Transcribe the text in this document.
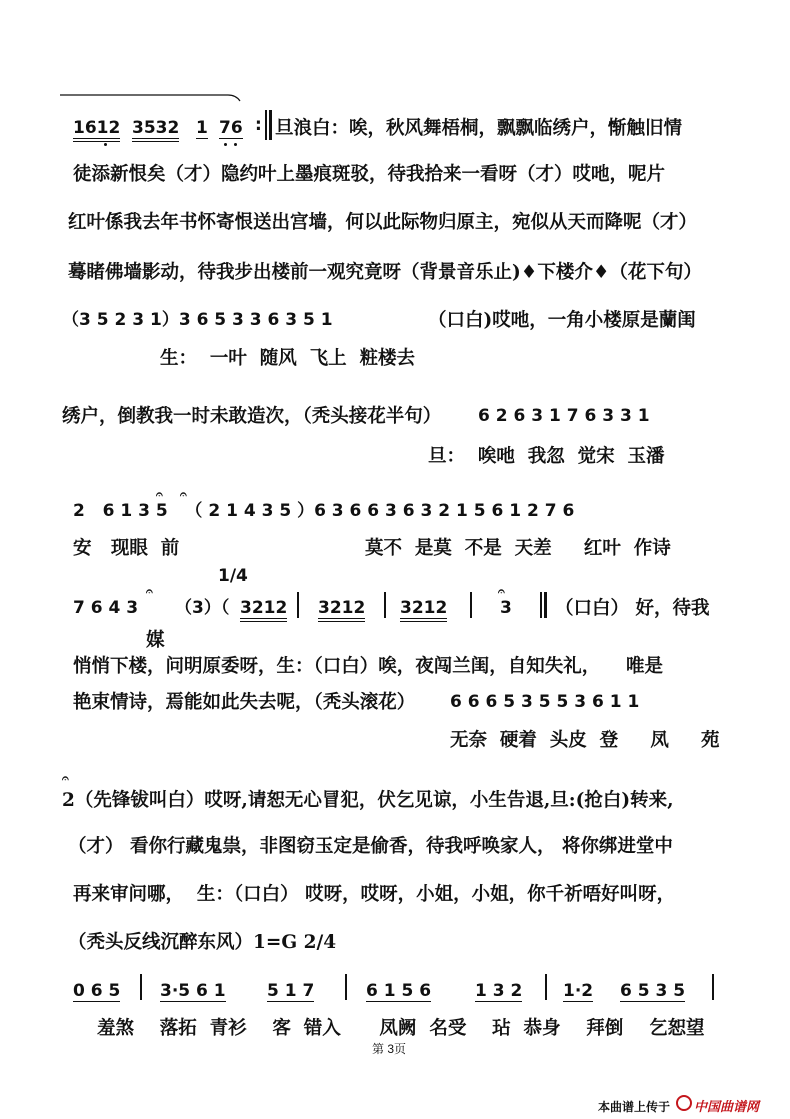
1612 3532 1 76 : 旦浪白：唉，秋风舞梧桐，飘飘临绣户，惭触旧情
徒添新恨矣（才）隐约叶上墨痕斑驳，待我拾来一看呀（才）哎吔，呢片
红叶係我去年书怀寄恨送出宫墙，何以此际物归原主，宛似从天而降呢（才）
蓦睹佛墙影动，待我步出楼前一观究竟呀（背景音乐止)♦下楼介♦（花下句）
（3 5 2 3 1）3 6 5 3 3 6 3 5 1	（口白)哎吔，一角小楼原是蘭闺
生：  一叶  随风  飞上  粧楼去
绣户，倒教我一时未敢造次，（秃头接花半句） 6 2 6 3 1 7 6 3 3 1
旦：  唉吔  我忽  觉宋  玉潘
𝄐 𝄐
2   6 1 3 5   （ 2 1 4 3 5 ）6 3 6 6 3 6 3 2 1 5 6 1 2 7 6
安   现眼  前	莫不  是莫  不是  天差     红叶  作诗
1/4
𝄐
7 6 4 3 （3）（ 3212 3212 3212
𝄐
3 （口白） 好，待我
媒
悄悄下楼，问明原委呀，生：（口白）唉，夜闯兰闺，自知失礼，    唯是
艳束情诗，焉能如此失去呢，（秃头滚花） 6 6 6 5 3 5 5 3 6 1 1
无奈  硬着  头皮  登     凤     苑
𝄐
2（先锋钹叫白）哎呀,请恕无心冒犯，伏乞见谅，小生告退,旦:(抢白)转来,
（才） 看你行藏鬼祟，非图窃玉定是偷香，待我呼唤家人， 将你绑进堂中
再来审问哪，  生：（口白） 哎呀，哎呀，小姐，小姐，你千祈唔好叫呀，
（秃头反线沉醉东风）1=G 2/4
0 6 5 3·5 6 1 5 1 7	6 1 5 6	1 3 2 1·2 6 5 3 5
羞煞    落拓  青衫    客  错入      凤阙  名受    玷  恭身    拜倒    乞恕望
第 3页
本曲谱上传于 中国曲谱网
